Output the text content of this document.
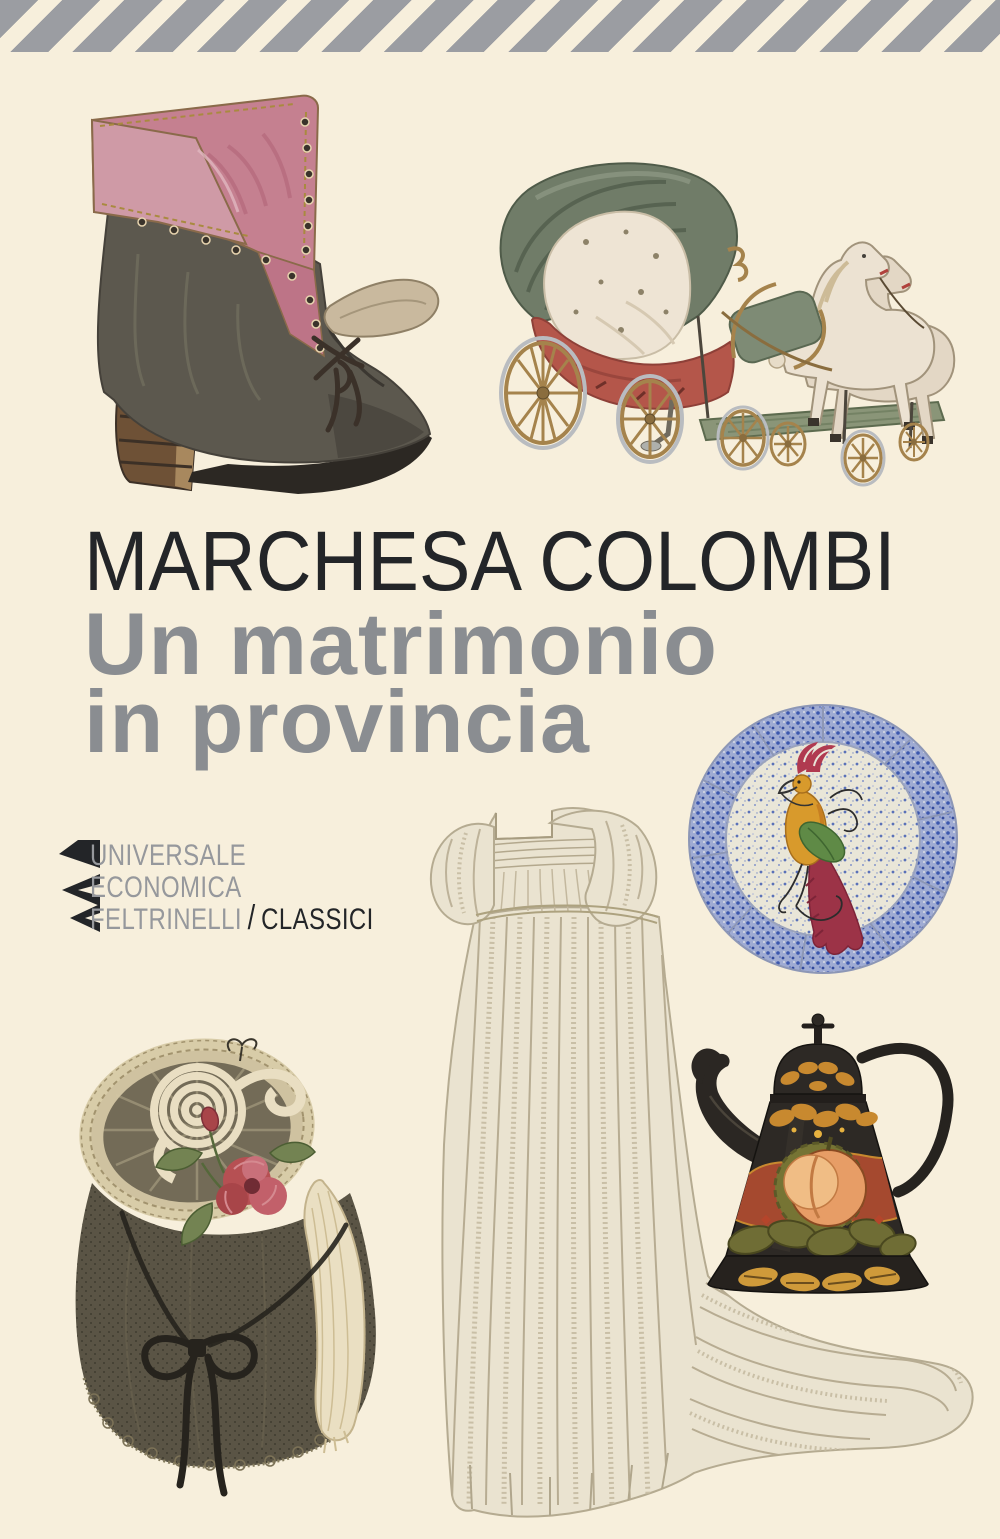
MARCHESA COLOMBI
Un matrimonio
in provincia
UNIVERSALE
ECONOMICA
FELTRINELLI / CLASSICI
